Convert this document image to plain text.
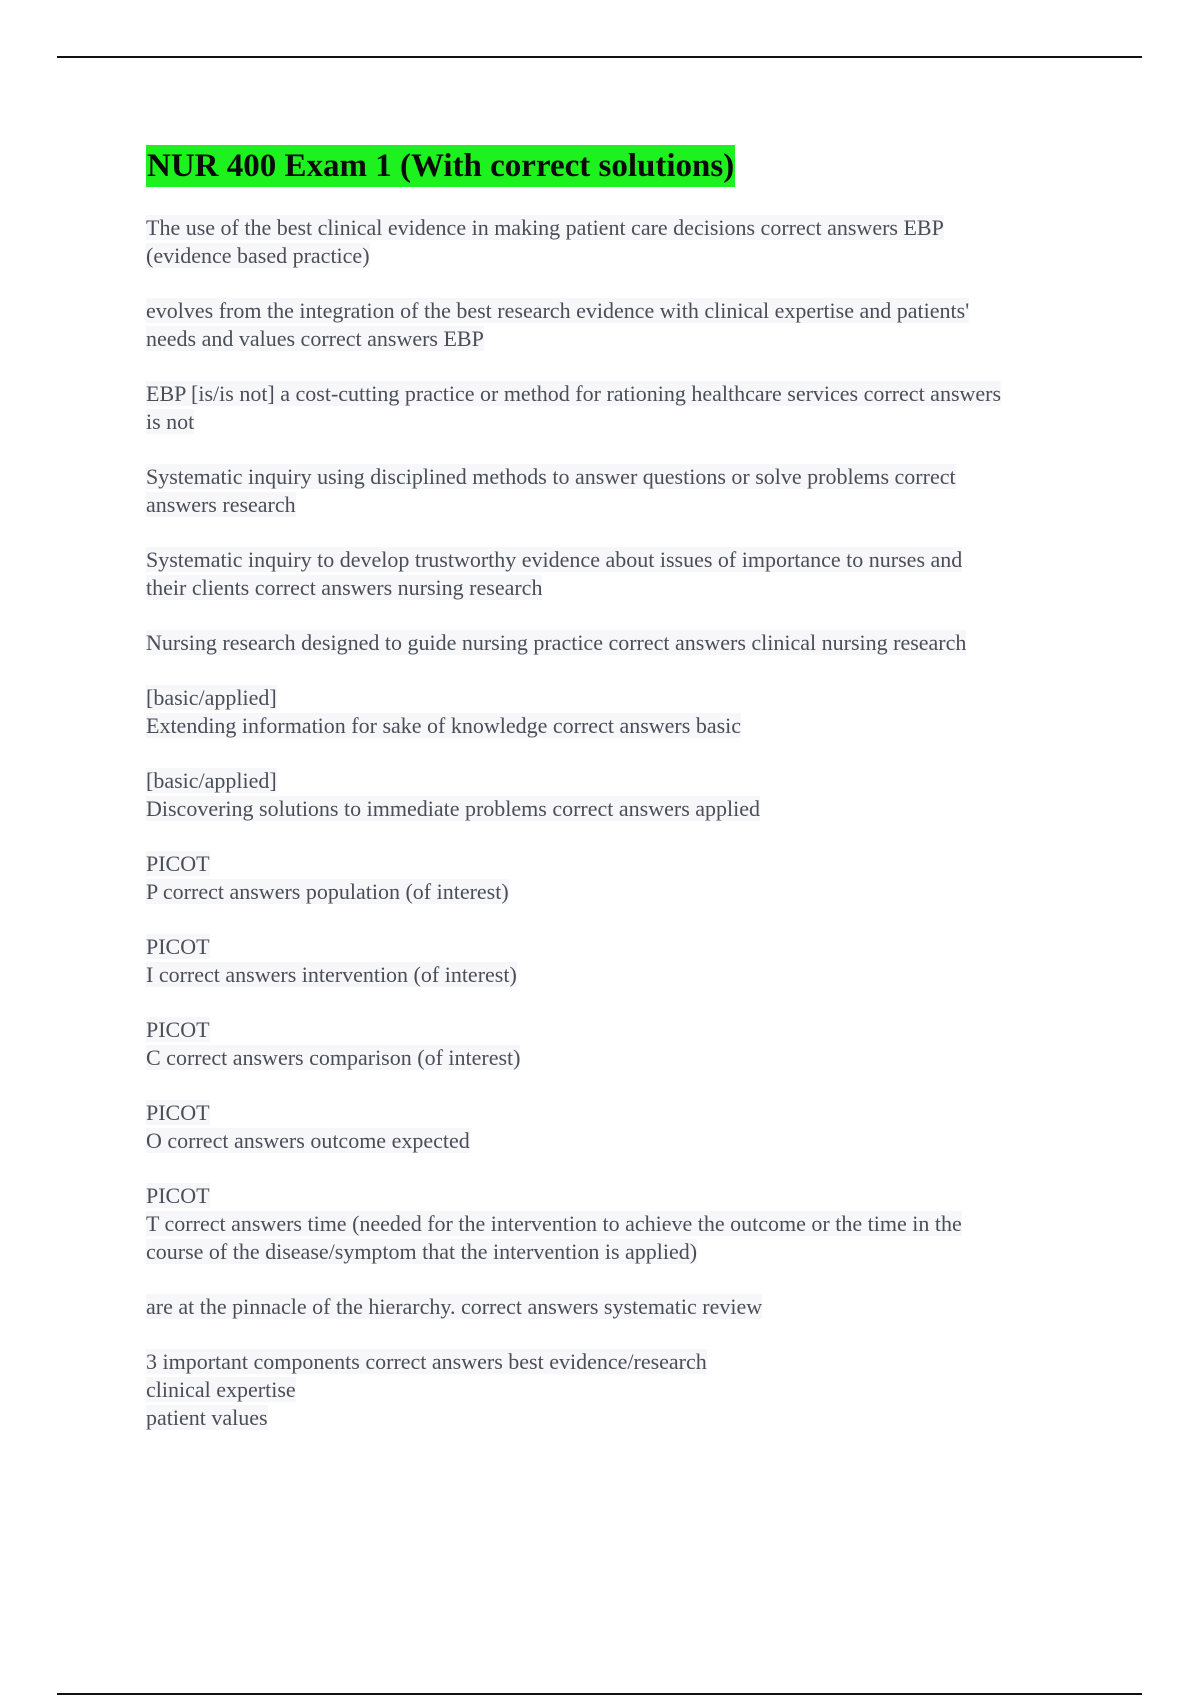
NUR 400 Exam 1 (With correct solutions)
The use of the best clinical evidence in making patient care decisions correct answers EBP
(evidence based practice)
evolves from the integration of the best research evidence with clinical expertise and patients'
needs and values correct answers EBP
EBP [is/is not] a cost-cutting practice or method for rationing healthcare services correct answers
is not
Systematic inquiry using disciplined methods to answer questions or solve problems correct
answers research
Systematic inquiry to develop trustworthy evidence about issues of importance to nurses and
their clients correct answers nursing research
Nursing research designed to guide nursing practice correct answers clinical nursing research
[basic/applied]
Extending information for sake of knowledge correct answers basic
[basic/applied]
Discovering solutions to immediate problems correct answers applied
PICOT
P correct answers population (of interest)
PICOT
I correct answers intervention (of interest)
PICOT
C correct answers comparison (of interest)
PICOT
O correct answers outcome expected
PICOT
T correct answers time (needed for the intervention to achieve the outcome or the time in the
course of the disease/symptom that the intervention is applied)
are at the pinnacle of the hierarchy. correct answers systematic review
3 important components correct answers best evidence/research
clinical expertise
patient values
